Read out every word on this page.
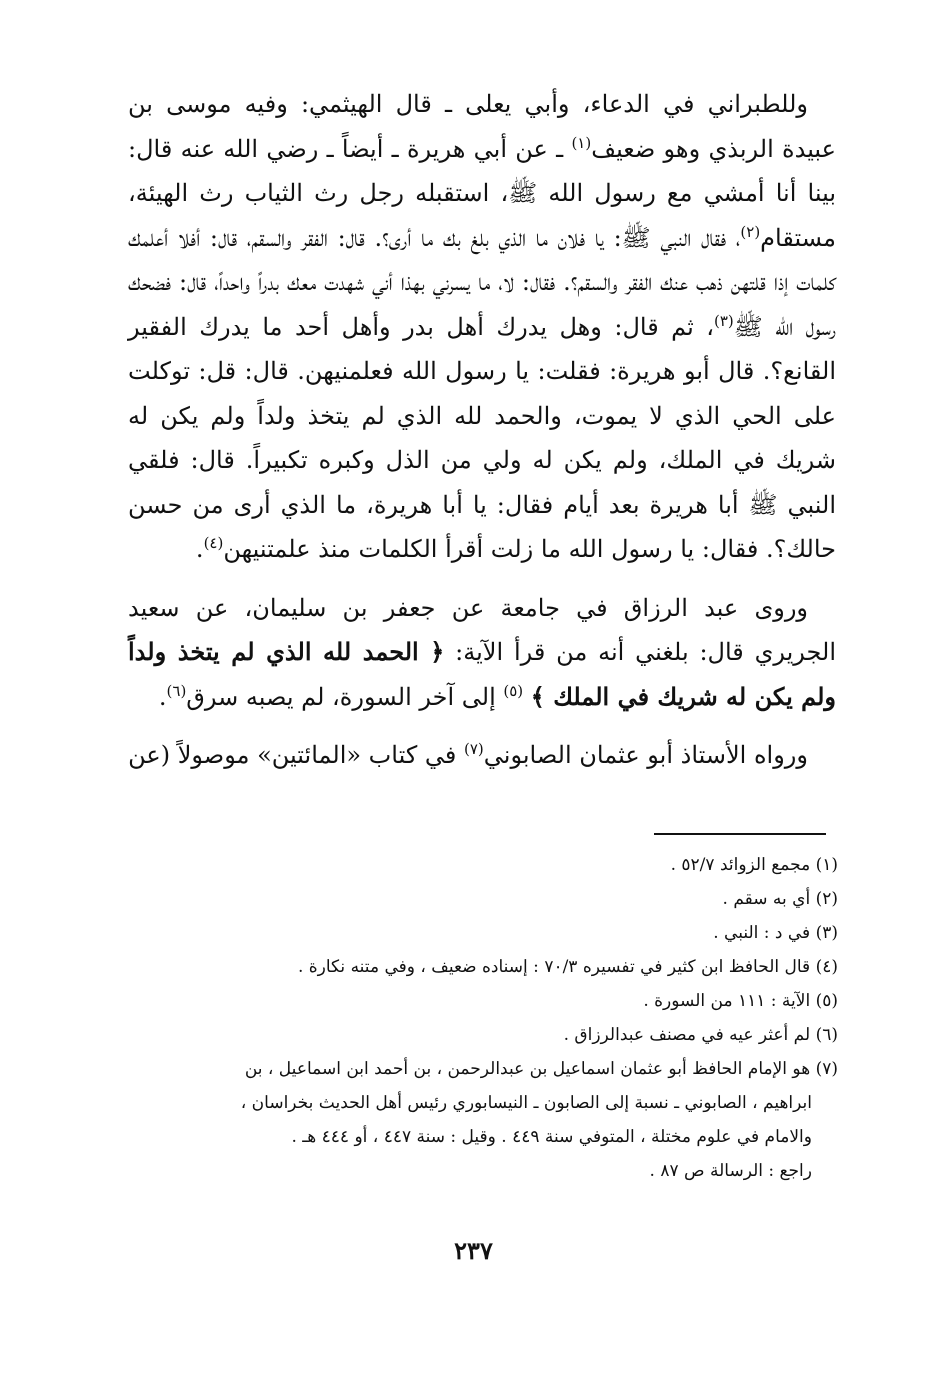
وللطبراني في الدعاء، وأبي يعلى ـ قال الهيثمي: وفيه موسى بن عبيدة الربذي وهو ضعيف$^{(١)}$ ـ عن أبي هريرة ـ أيضاً ـ رضي الله عنه قال: بينا أنا أمشي مع رسول الله ﷺ، استقبله رجل رث الثياب رث الهيئة، مستقام$^{(٢)}$، فقال النبي ﷺ: يا فلان ما الذي بلغ بك ما أرى؟. قال: الفقر والسقم، قال: أفلا أعلمك كلمات إذا قلتهن ذهب عنك الفقر والسقم؟. فقال: لا، ما يسرني بهذا أني شهدت معك بدراً واحداً، قال: فضحك رسول الله ﷺ$^{(٣)}$، ثم قال: وهل يدرك أهل بدر وأهل أحد ما يدرك الفقير القانع؟. قال أبو هريرة: فقلت: يا رسول الله فعلمنيهن. قال: قل: توكلت على الحي الذي لا يموت، والحمد لله الذي لم يتخذ ولداً ولم يكن له شريك في الملك، ولم يكن له ولي من الذل وكبره تكبيراً. قال: فلقي النبي ﷺ أبا هريرة بعد أيام فقال: يا أبا هريرة، ما الذي أرى من حسن حالك؟. فقال: يا رسول الله ما زلت أقرأ الكلمات منذ علمتنيهن$^{(٤)}$.

وروى عبد الرزاق في جامعة عن جعفر بن سليمان، عن سعيد الجريري قال: بلغني أنه من قرأ الآية: ﴿ الحمد لله الذي لم يتخذ ولداً ولم يكن له شريك في الملك ﴾ $^{(٥)}$ إلى آخر السورة، لم يصبه سرق$^{(٦)}$.

ورواه الأستاذ أبو عثمان الصابوني$^{(٧)}$ في كتاب «المائتين» موصولاً (عن

(١) مجمع الزوائد ٥٢/٧ .

(٢) أي به سقم .

(٣) في د : النبي .

(٤) قال الحافظ ابن كثير في تفسيره ٧٠/٣ : إسناده ضعيف ، وفي متنه نكارة .

(٥) الآية : ١١١ من السورة .

(٦) لم أعثر عيه في مصنف عبدالرزاق .

(٧) هو الإمام الحافظ أبو عثمان اسماعيل بن عبدالرحمن ، بن أحمد ابن اسماعيل ، بن

ابراهيم ، الصابوني ـ نسبة إلى الصابون ـ النيسابوري رئيس أهل الحديث بخراسان ،

والامام في علوم مختلة ، المتوفي سنة ٤٤٩ . وقيل : سنة ٤٤٧ ، أو ٤٤٤ هـ .

راجع : الرسالة ص ٨٧ .

٢٣٧
